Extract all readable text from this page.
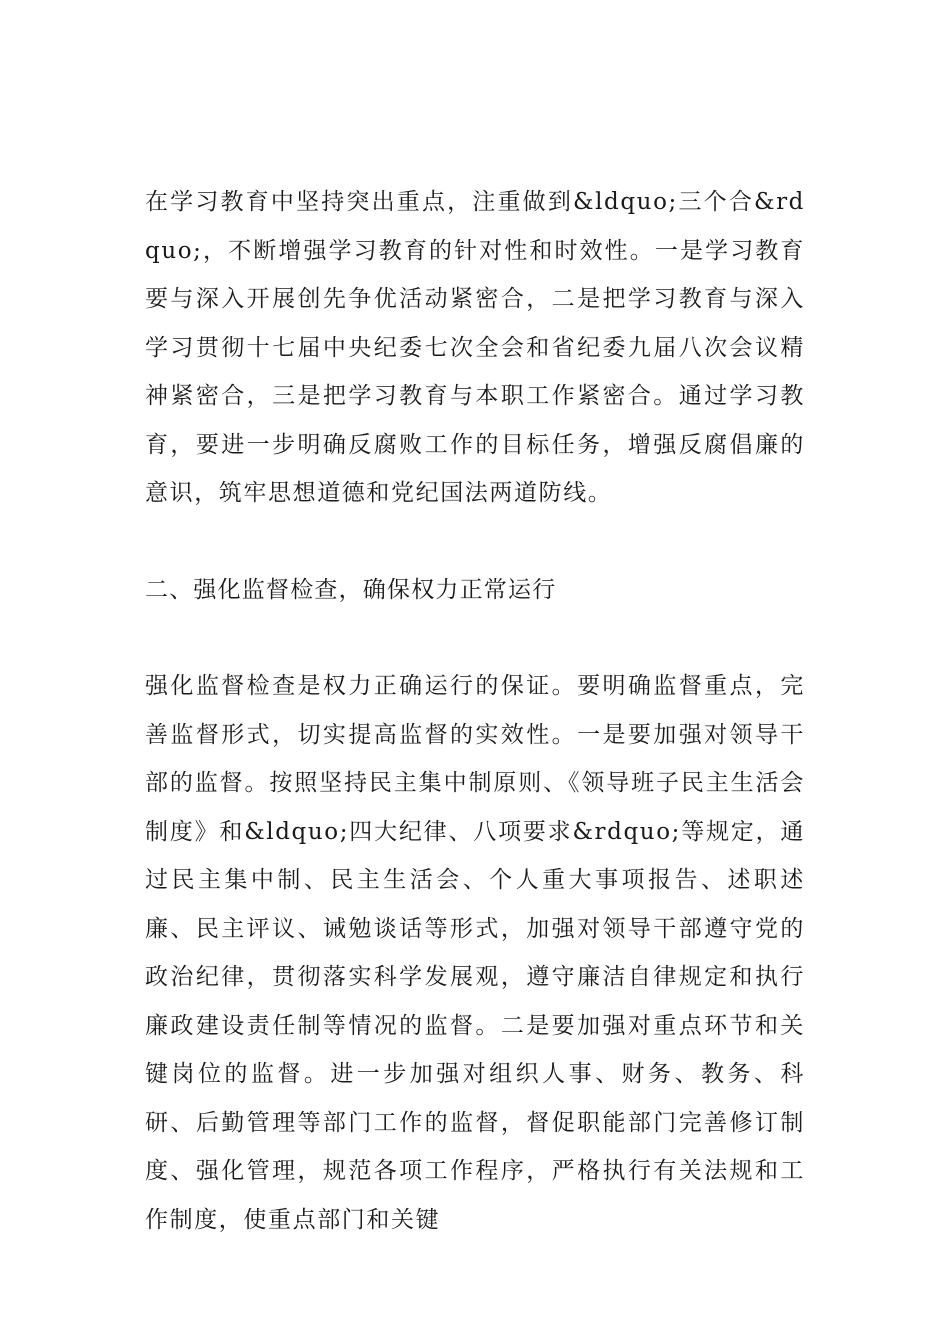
在学习教育中坚持突出重点，注重做到&ldquo;三个合&rdquo;，不断增强学习教育的针对性和时效性。一是学习教育要与深入开展创先争优活动紧密合，二是把学习教育与深入学习贯彻十七届中央纪委七次全会和省纪委九届八次会议精神紧密合，三是把学习教育与本职工作紧密合。通过学习教育，要进一步明确反腐败工作的目标任务，增强反腐倡廉的意识，筑牢思想道德和党纪国法两道防线。

二、强化监督检查，确保权力正常运行

强化监督检查是权力正确运行的保证。要明确监督重点，完善监督形式，切实提高监督的实效性。一是要加强对领导干部的监督。按照坚持民主集中制原则、《领导班子民主生活会制度》和&ldquo;四大纪律、八项要求&rdquo;等规定，通过民主集中制、民主生活会、个人重大事项报告、述职述廉、民主评议、诫勉谈话等形式，加强对领导干部遵守党的政治纪律，贯彻落实科学发展观，遵守廉洁自律规定和执行廉政建设责任制等情况的监督。二是要加强对重点环节和关键岗位的监督。进一步加强对组织人事、财务、教务、科研、后勤管理等部门工作的监督，督促职能部门完善修订制度、强化管理，规范各项工作程序，严格执行有关法规和工作制度，使重点部门和关键
